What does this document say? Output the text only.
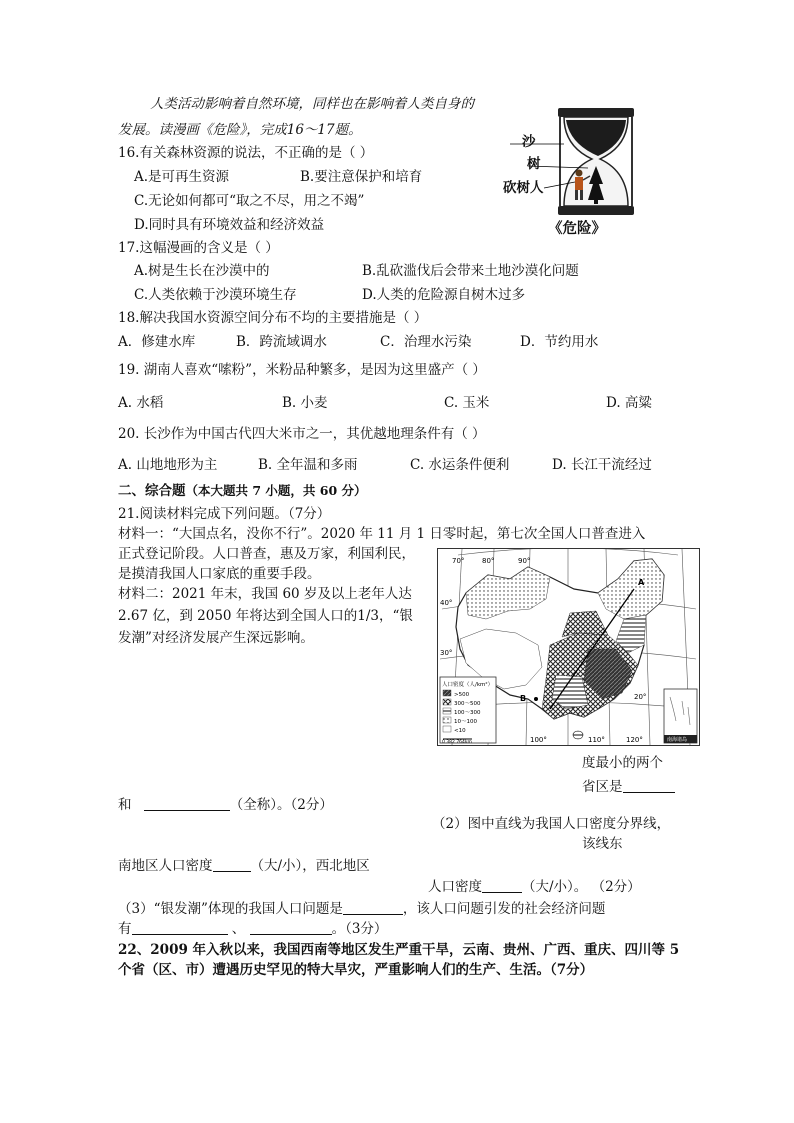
人类活动影响着自然环境，同样也在影响着人类自身的
发展。读漫画《危险》，完成16～17题。
沙
树
砍树人
《危险》
16.有关森林资源的说法，不正确的是（ ）
A.是可再生资源	B.要注意保护和培育
C.无论如何都可“取之不尽，用之不竭”
D.同时具有环境效益和经济效益
17.这幅漫画的含义是（ ）
A.树是生长在沙漠中的	B.乱砍滥伐后会带来土地沙漠化问题
C.人类依赖于沙漠环境生存	D.人类的危险源自树木过多
18.解决我国水资源空间分布不均的主要措施是（ ）
A．修建水库	B．跨流域调水	C．治理水污染	D．节约用水
19. 湖南人喜欢“嗦粉”，米粉品种繁多，是因为这里盛产（ ）
A. 水稻	B. 小麦	C. 玉米	D. 高粱
20. 长沙作为中国古代四大米市之一，其优越地理条件有（ ）
A. 山地地形为主	B. 全年温和多雨	C. 水运条件便利	D. 长江干流经过
二、综合题（本大题共 7 小题，共 60 分）
21.阅读材料完成下列问题。（7分）
材料一：“大国点名，没你不行”。2020 年 11 月 1 日零时起，第七次全国人口普查进入
正式登记阶段。人口普查，惠及万家，利国利民，
是摸清我国人口家底的重要手段。
材料二：2021 年末，我国 60 岁及以上老年人达
2.67 亿，到 2050 年将达到全国人口的1/3，“银
发潮”对经济发展产生深远影响。
70°	80°	90°
40°
30°
20°
100°	110°	120°
A
B
人口密度（人/km²）
>500
300～500
100～300
10～100
<10
0 382 764km	南海诸岛
度最小的两个
省区是
和	（全称）。（2分）
（2）图中直线为我国人口密度分界线，
该线东
南地区人口密度	（大/小），西北地区
人口密度	（大/小）。 （2分）
（3）“银发潮”体现的我国人口问题是	，该人口问题引发的社会经济问题
有	、	。（3分）
22、2009 年入秋以来，我国西南等地区发生严重干旱，云南、贵州、广西、重庆、四川等 5
个省（区、市）遭遇历史罕见的特大旱灾，严重影响人们的生产、生活。（7分）
